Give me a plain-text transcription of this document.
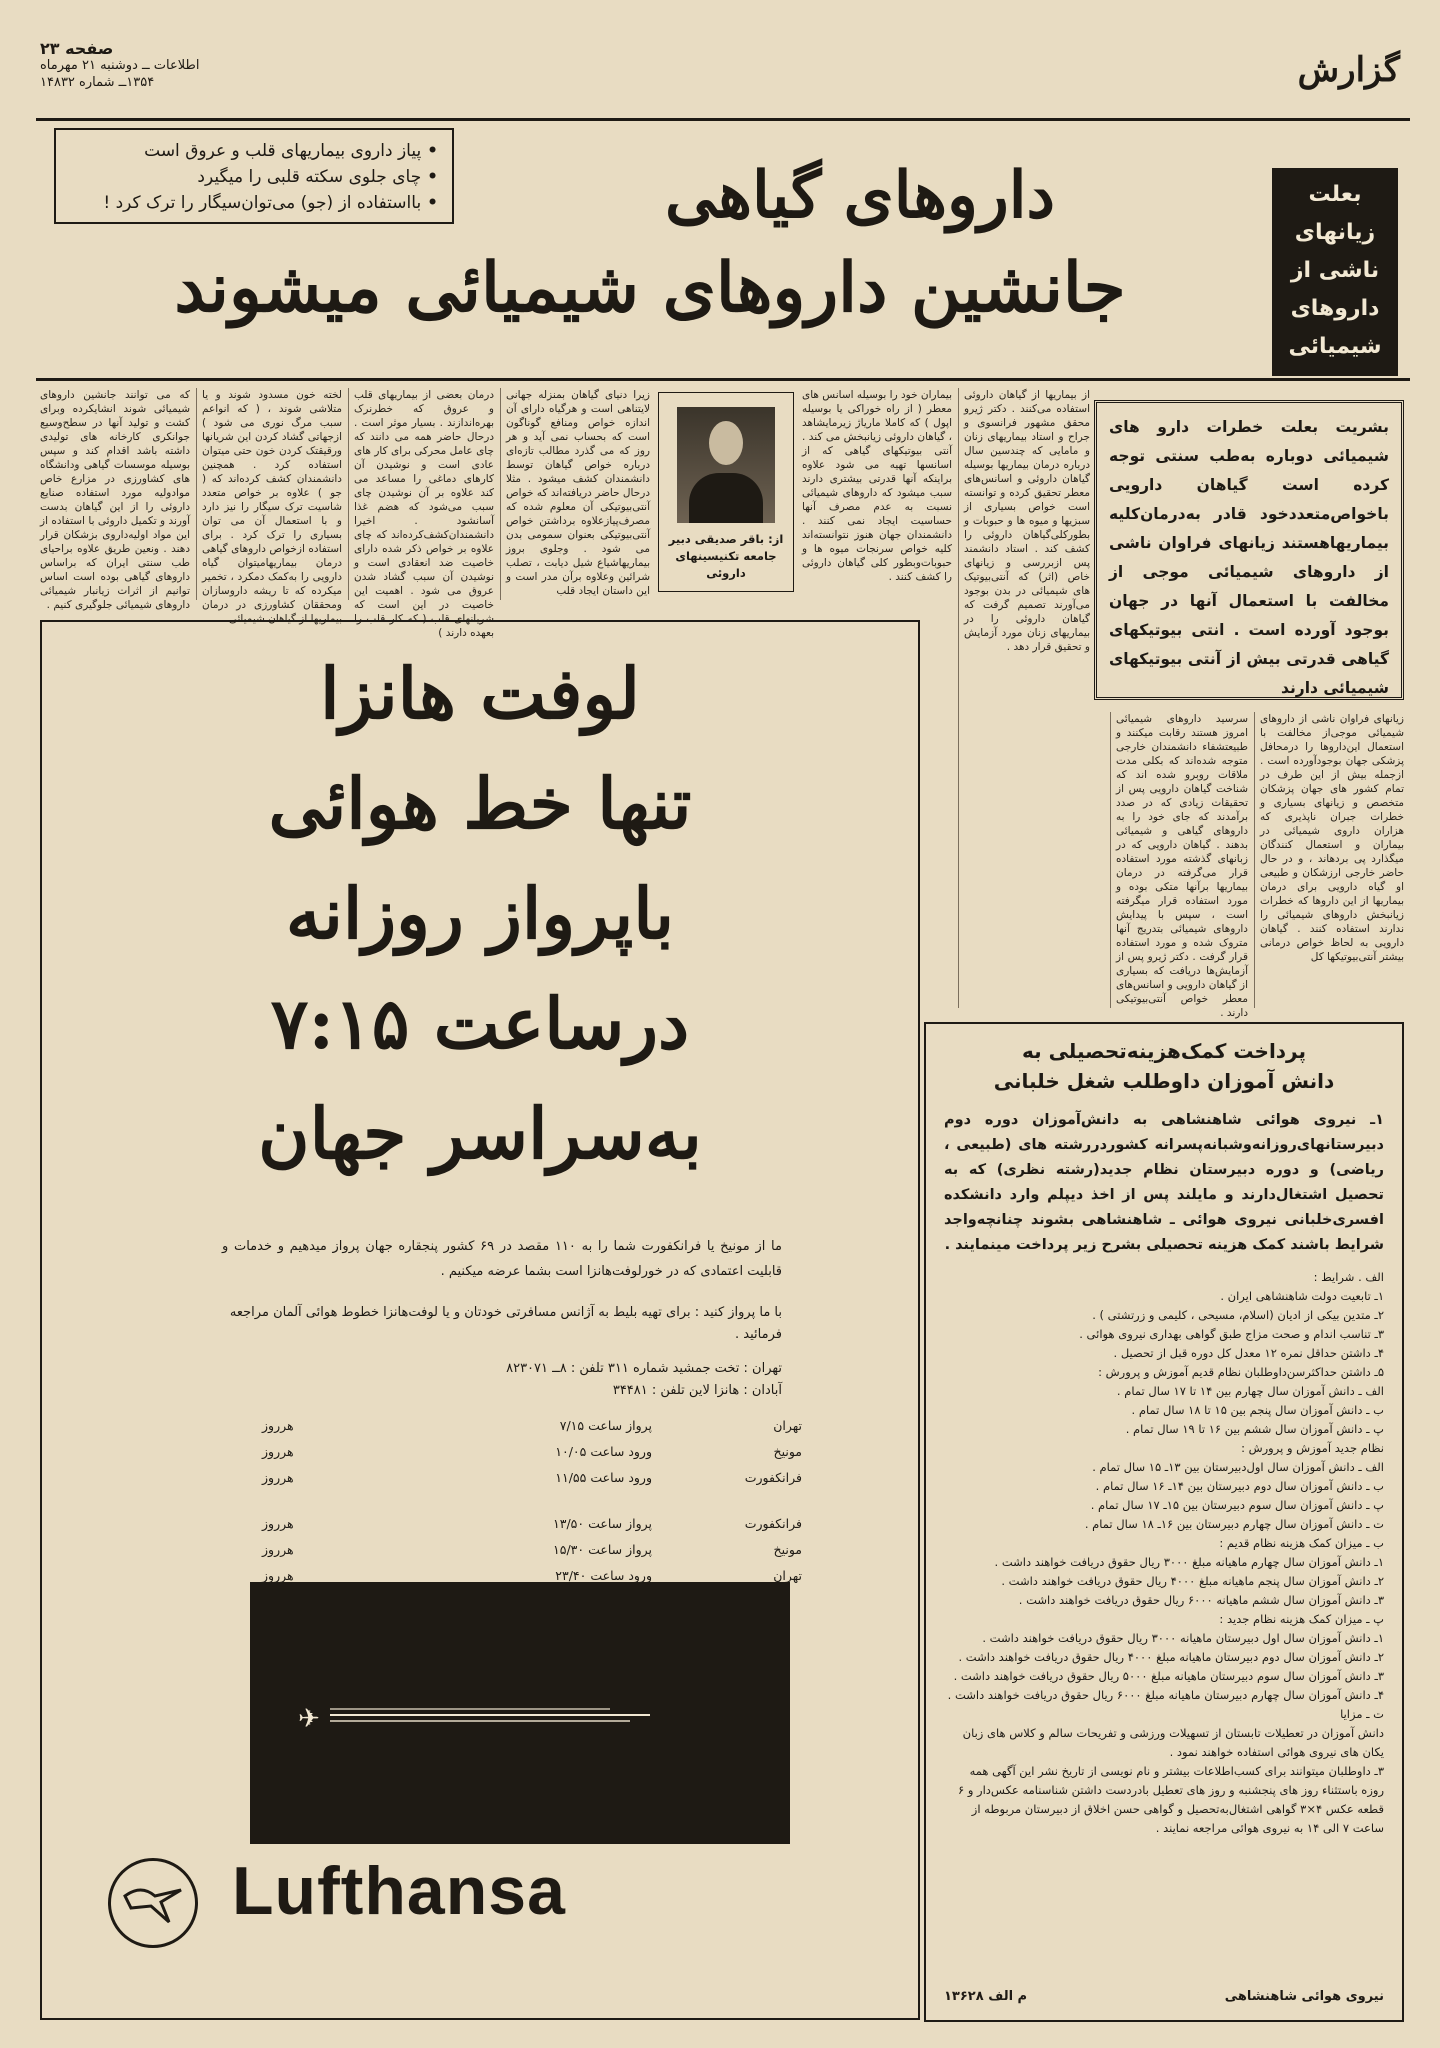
صفحه ۲۳
اطلاعات ــ دوشنبه ۲۱ مهرماه
۱۳۵۴ــ شماره ۱۴۸۳۲	گزارش
• پیاز داروی بیماریهای قلب و عروق است
• چای جلوی سکته قلبی را میگیرد
• بااستفاده از (جو) می‌توان‌سیگار را ترک کرد !	داروهای گیاهی
جانشین داروهای شیمیائی میشوند
بعلت
زیانهای
ناشی از
داروهای
شیمیائی
که می توانند جانشین داروهای شیمیائی شوند انشایکرده وبرای کشت و تولید آنها در سطح‌وسیع جوانکری کارخانه های تولیدی داشته باشد اقدام کند و سپس بوسیله موسسات گیاهی ودانشگاه های کشاورزی در مزارع خاص موادولیه مورد استفاده صنایع داروئی را از این گیاهان بدست آورند و تکمیل داروئی با استفاده از این مواد اولیه‌داروی بزشکان قرار دهند . ونعین طریق علاوه براحیای طب سنتی ایران که براساس داروهای گیاهی بوده است اساس توانیم از اثرات زیانبار شیمیائی داروهای شیمیائی جلوگیری کنیم .
لخته خون مسدود شوند و یا متلاشی شوند ، ( که انواعم سبب مرگ نوری می شود ) ازجهاتی گشاد کردن این شریانها ورقیقتک کردن خون حتی میتوان استفاده کرد . همچنین دانشمندان کشف کرده‌اند که ( جو ) علاوه بر خواص متعدد شاسیت ترک سیگار را نیز دارد و با استعمال آن می توان بسیاری را ترک کرد . برای استفاده ازخواص داروهای گیاهی درمان بیماریهامیتوان گیاه دارویی را به‌کمک دمکرد ، تخمیر میکرده که تا ریشه داروسازان ومحققان کشاورزی در درمان بیماریها از گیاهان شیمیائی
درمان بعضی از بیماریهای قلب و عروق که خطرنرک بهره‌اندازند . بسیار موثر است . درحال حاضر همه می دانند که چای عامل محرکی برای کار های عادی است و نوشیدن آن کارهای دماغی را مساعد می کند علاوه بر آن نوشیدن چای سبب می‌شود که هضم غذا آسانشود . اخیرا دانشمندان‌کشف‌کرده‌اند که چای علاوه بر خواص ذکر شده دارای خاصیت ضد انعقادی است و نوشیدن آن سبب گشاد شدن عروق می شود . اهمیت این خاصیت در این است که شریانهای قلب ( که کار قلب را بعهده دارند )
زیرا دنیای گیاهان بمنزله جهانی لایتناهی است و هرگیاه دارای آن اندازه خواص ومنافع گوناگون است که بحساب نمی آید و هر روز که می گذرد مطالب تازه‌ای درباره خواص گیاهان توسط دانشمندان کشف میشود . مثلا درحال حاضر دریافته‌اند که خواص آنتی‌بیوتیکی آن معلوم شده که مصرف‌پیاز‌علاوه برداشتن خواص آنتی‌بیوتیکی بعنوان سمومی بدن می شود . وجلوی بروز بیماریهاشیاع شیل دیابت ، تصلب شرائین وعلاوه برآن مدر است و این داستان ایجاد قلب
از: باقر صدیقی دبیر
جامعه تکنیسینهای
داروئی
بیماران خود را بوسیله اسانس های معطر ( از راه خوراکی یا بوسیله اپول ) که کاملا ماریاژ زیرمایشاهد ، گیاهان داروئی زیانبخش می کند . آنتی بیوتیکهای گیاهی که از اسانسها تهیه می شود علاوه براینکه آنها قدرتی بیشتری دارند سبب میشود که داروهای شیمیائی نسبت به عدم مصرف آنها حساسیت ایجاد نمی کنند . دانشمندان جهان هنوز نتوانسته‌اند کلیه خواص سرنجات میوه ها و حبوبات‌وبطور کلی گیاهان داروئی را کشف کنند .
از بیماریها از گیاهان داروئی استفاده می‌کنند . دکتر ژیرو محقق مشهور فرانسوی و جراح و استاد بیماریهای زنان و مامایی که چندسین سال درباره درمان بیماریها بوسیله گیاهان داروئی و اسانس‌های معطر تحقیق کرده‌ و توانسته است خواص بسیاری از سبزیها و میوه ها و حبوبات و بطورکلی‌گیاهان داروئی را کشف کند . استاد دانشمند پس ازبررسی و زیانهای خاص (اثر) که آنتی‌بیوتیک های شیمیائی در بدن بوجود می‌آورند تصمیم گرفت که گیاهان داروئی را در بیماریهای زنان مورد آزمایش و تحقیق قرار دهد .
بشریت بعلت خطرات دارو های شیمیائی دوباره به‌طب سنتی توجه کرده است گیاهان دارویی باخواص‌متعدد‌خود قادر به‌درمان‌کلیه بیماریهاهستند زیانهای فراوان ناشی از داروهای شیمیائی موجی از مخالفت با استعمال آنها در جهان بوجود آورده است . انتی بیوتیکهای گیاهی قدرتی بیش از آنتی بیوتیکهای شیمیائی دارند
سرسید داروهای شیمیائی امروز هستند رقابت میکنند و طبیعتشفاء دانشمندان خارجی متوجه شده‌اند که بکلی مدت ملاقات روبرو شده اند که شناخت گیاهان دارویی پس از تحقیقات زیادی که در صدد برآمدند که جای خود را به داروهای گیاهی و شیمیائی بدهند . گیاهان دارویی که در زبانهای گذشته مورد استفاده قرار می‌گرفته در درمان بیماریها برآنها متکی بوده و مورد استفاده قرار میگرفته است ، سپس با پیدایش داروهای شیمیائی بتدریج آنها متروک شده و مورد استفاده قرار گرفت . دکتر ژیرو پس از آزمایش‌ها دریافت که بسیاری از گیاهان دارویی و اسانس‌های معطر خواص آنتی‌بیوتیکی دارند .
زیانهای فراوان ناشی از داروهای شیمیائی موجی‌از مخالفت با استعمال این‌داروها را درمحافل پزشکی جهان بوجودآورده است . ازجمله بیش از این طرف در تمام کشور های جهان پزشکان متخصص و زیانهای بسیاری و خطرات جبران ناپذیری که هزاران داروی شیمیائی در بیماران و استعمال کنندگان میگذارد پی بردهاند ، و در حال حاضر خارجی ارزشکان و طبیعی او گیاه دارویی برای درمان بیماریها از این داروها که خطرات زیانبخش داروهای شیمیائی را ندارند استفاده کنند . گیاهان دارویی به لحاظ خواص درمانی بیشتر آنتی‌بیوتیکها کل
لوفت هانزا
تنها خط هوائی
باپرواز روزانه
درساعت ۷:۱۵
به‌سراسر جهان
ما از مونیخ یا فرانکفورت شما را به ۱۱۰ مقصد در ۶۹ کشور پنجقاره جهان پرواز میدهیم و خدمات و قابلیت اعتمادی که در خورلوفت‌هانزا است بشما عرضه میکنیم .
با ما پرواز کنید : برای تهیه بلیط به آژانس مسافرتی خودتان و یا لوفت‌هانزا خطوط هوائی آلمان مراجعه فرمائید .
تهران : تخت جمشید شماره ۳۱۱ تلفن : ۸ــ ۸۲۳۰۷۱
آبادان : هانزا لاین تلفن : ۳۴۴۸۱
تهران
پرواز ساعت ۷/۱۵
هرروز
مونیخ
ورود ساعت ۱۰/۰۵
هرروز
فرانکفورت
ورود ساعت ۱۱/۵۵
هرروز
فرانکفورت
پرواز ساعت ۱۳/۵۰
هرروز
مونیخ
پرواز ساعت ۱۵/۳۰
هرروز
تهران
ورود ساعت ۲۳/۴۰
هرروز
✈
Lufthansa
پرداخت کمک‌هزینه‌تحصیلی به
دانش آموزان داوطلب شغل خلبانی
۱ـ نیروی هوائی شاهنشاهی به دانش‌آموزان دوره دوم دبیرستانهای‌روزانه‌وشبانه‌پسرانه کشوردررشته های (طبیعی ، ریاضی) و دوره دبیرستان نظام جدید(رشته نظری) که به تحصیل اشتغال‌دارند و مایلند پس از اخذ دیپلم وارد دانشکده افسری‌خلبانی نیروی هوائی ـ شاهنشاهی بشوند چنانچه‌واجد شرایط باشند کمک هزینه تحصیلی بشرح زیر پرداخت مینمایند .
الف . شرایط :
۱ـ تابعیت دولت شاهنشاهی ایران .
۲ـ متدین بیکی از ادیان (اسلام، مسیحی ، کلیمی و زرتشتی ) .
۳ـ تناسب اندام و صحت مزاج طبق گواهی بهداری نیروی هوائی .
۴ـ داشتن حداقل نمره ۱۲ معدل کل دوره قبل از تحصیل .
۵ـ داشتن حداکثرسن‌داوطلبان نظام قدیم آموزش و پرورش :
الف ـ دانش آموزان سال چهارم بین ۱۴ تا ۱۷ سال تمام .
ب ـ دانش آموزان سال پنجم بین ۱۵ تا ۱۸ سال تمام .
پ ـ دانش آموزان سال ششم بین ۱۶ تا ۱۹ سال تمام .
نظام جدید آموزش و پرورش :
الف ـ دانش آموزان سال اول‌دبیرستان بین ۱۳ـ ۱۵ سال تمام .
ب ـ دانش آموزان سال دوم دبیرستان بین ۱۴ـ ۱۶ سال تمام .
پ ـ دانش آموزان سال سوم دبیرستان بین ۱۵ـ ۱۷ سال تمام .
ت ـ دانش آموزان سال چهارم دبیرستان بین ۱۶ـ ۱۸ سال تمام .
ب ـ میزان کمک هزینه نظام قدیم :
۱ـ دانش آموزان سال چهارم ماهیانه مبلغ ۳۰۰۰ ریال حقوق دریافت خواهند داشت .
۲ـ دانش آموزان سال پنجم ماهیانه مبلغ ۴۰۰۰ ریال حقوق دریافت خواهند داشت .
۳ـ دانش آموزان سال ششم ماهیانه ۶۰۰۰ ریال حقوق دریافت خواهند داشت .
پ ـ میزان کمک هزینه نظام جدید :
۱ـ دانش آموزان سال اول دبیرستان ماهیانه ۳۰۰۰ ریال حقوق دریافت خواهند داشت .
۲ـ دانش آموزان سال دوم دبیرستان ماهیانه مبلغ ۴۰۰۰ ریال حقوق دریافت خواهند داشت .
۳ـ دانش آموزان سال سوم دبیرستان ماهیانه مبلغ ۵۰۰۰ ریال حقوق دریافت خواهند داشت .
۴ـ دانش آموزان سال چهارم دبیرستان ماهیانه مبلغ ۶۰۰۰ ریال حقوق دریافت خواهند داشت .
ت ـ مزایا
دانش آموزان در تعطیلات تابستان از تسهیلات ورزشی و تفریحات سالم و کلاس های زبان یکان های نیروی هوائی استفاده خواهند نمود .
۳ـ داوطلبان میتوانند برای کسب‌اطلاعات بیشتر و نام نویسی از تاریخ نشر این آگهی همه روزه باستثناء روز های پنجشنبه و روز های تعطیل بادردست داشتن شناسنامه عکس‌دار و ۶ قطعه عکس ۴×۳ گواهی اشتغال‌به‌تحصیل و گواهی حسن اخلاق از دبیرستان مربوطه از ساعت ۷ الی ۱۴ به نیروی هوائی مراجعه نمایند .
نیروی هوائی شاهنشاهی
م الف ۱۳۶۲۸
